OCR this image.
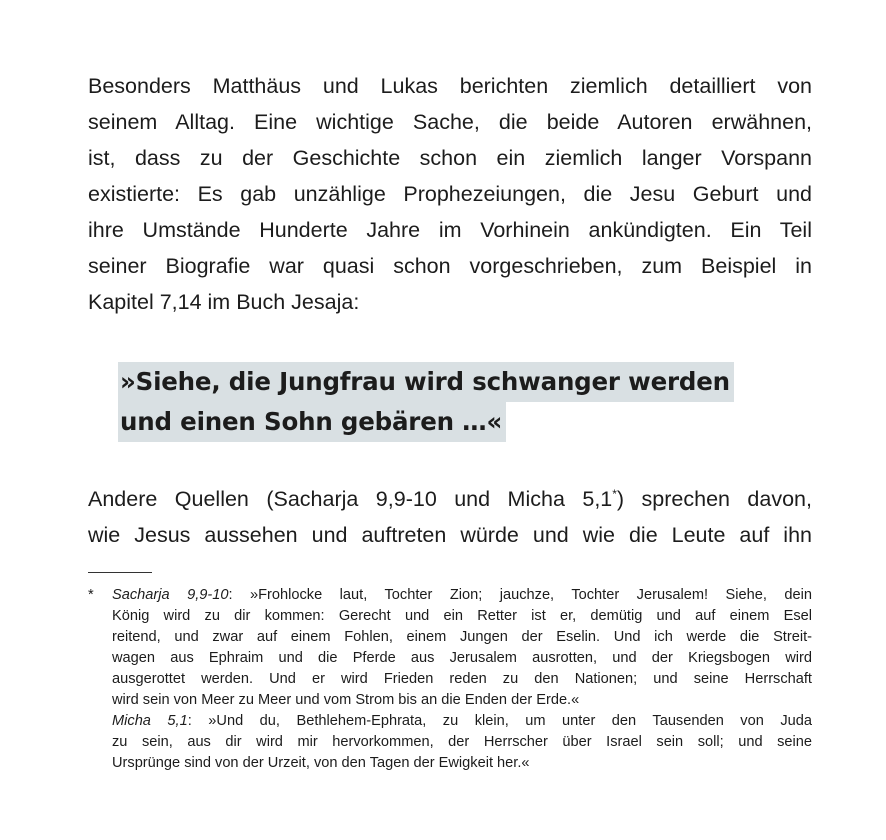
Besonders Matthäus und Lukas berichten ziemlich detailliert von
seinem Alltag. Eine wichtige Sache, die beide Autoren erwähnen,
ist, dass zu der Geschichte schon ein ziemlich langer Vorspann
existierte: Es gab unzählige Prophezeiungen, die Jesu Geburt und
ihre Umstände Hunderte Jahre im Vorhinein ankündigten. Ein Teil
seiner Biografie war quasi schon vorgeschrieben, zum Beispiel in
Kapitel 7,14 im Buch Jesaja:
»Siehe, die Jungfrau wird schwanger werden
und einen Sohn gebären …«
Andere Quellen (Sacharja 9,9-10 und Micha 5,1*) sprechen davon,
wie Jesus aussehen und auftreten würde und wie die Leute auf ihn
*	Sacharja 9,9-10: »Frohlocke laut, Tochter Zion; jauchze, Tochter Jerusalem! Siehe, dein
König wird zu dir kommen: Gerecht und ein Retter ist er, demütig und auf einem Esel
reitend, und zwar auf einem Fohlen, einem Jungen der Eselin. Und ich werde die Streit-
wagen aus Ephraim und die Pferde aus Jerusalem ausrotten, und der Kriegsbogen wird
ausgerottet werden. Und er wird Frieden reden zu den Nationen; und seine Herrschaft
wird sein von Meer zu Meer und vom Strom bis an die Enden der Erde.«
Micha 5,1: »Und du, Bethlehem-Ephrata, zu klein, um unter den Tausenden von Juda
zu sein, aus dir wird mir hervorkommen, der Herrscher über Israel sein soll; und seine
Ursprünge sind von der Urzeit, von den Tagen der Ewigkeit her.«
